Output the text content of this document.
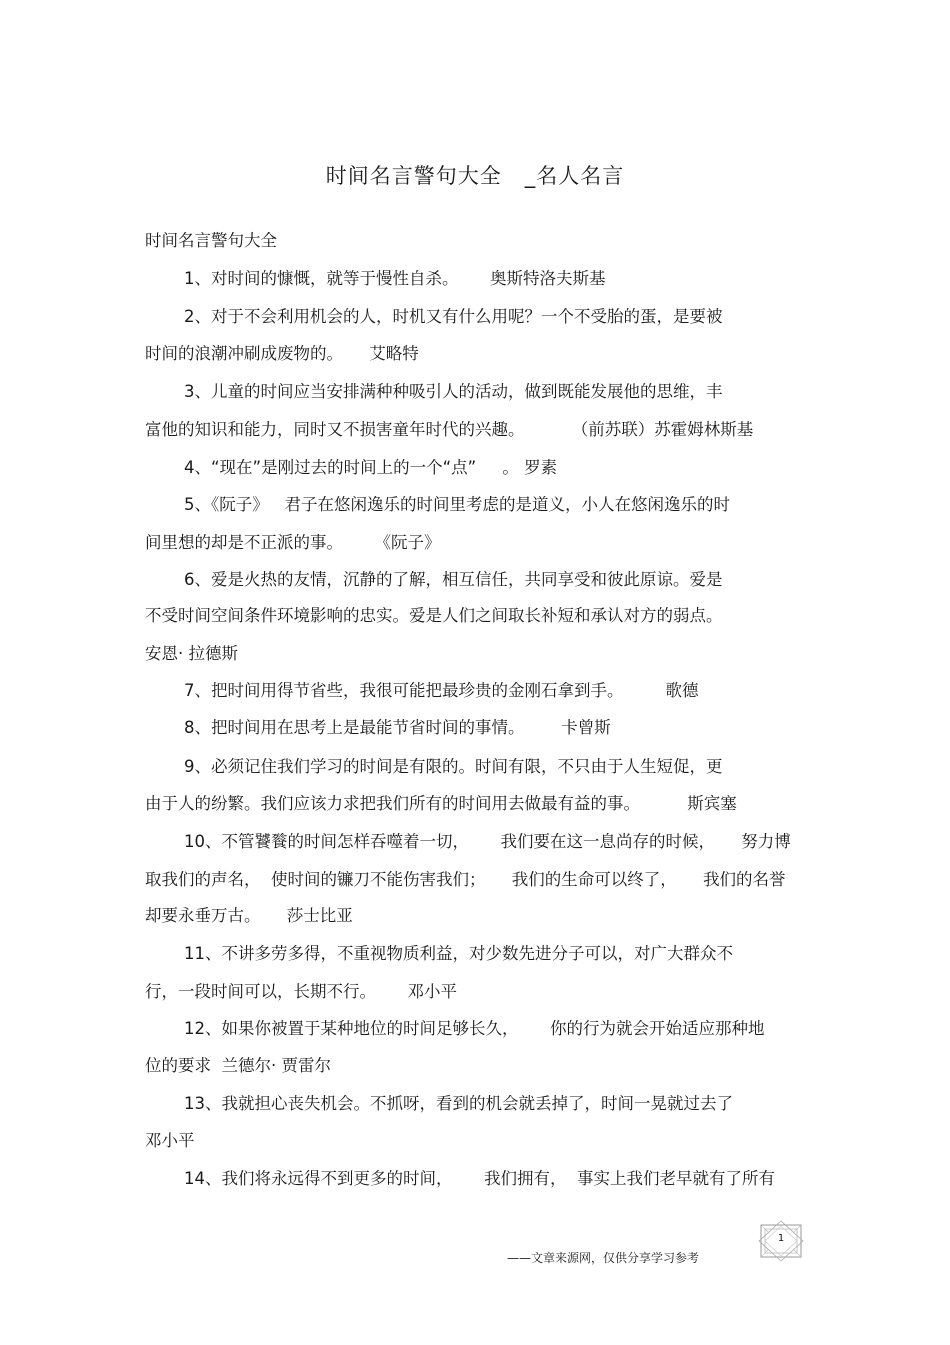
时间名言警句大全   _名人名言
时间名言警句大全
1、对时间的慷慨，就等于慢性自杀。      奥斯特洛夫斯基
2、对于不会利用机会的人，时机又有什么用呢？一个不受胎的蛋，是要被
时间的浪潮冲刷成废物的。     艾略特
3、儿童的时间应当安排满种种吸引人的活动，做到既能发展他的思维，丰
富他的知识和能力，同时又不损害童年时代的兴趣。         （前苏联）苏霍姆林斯基
4、“现在”是刚过去的时间上的一个“点”     。 罗素
5、《阮子》   君子在悠闲逸乐的时间里考虑的是道义，小人在悠闲逸乐的时
间里想的却是不正派的事。      《阮子》
6、爱是火热的友情，沉静的了解，相互信任，共同享受和彼此原谅。爱是
不受时间空间条件环境影响的忠实。爱是人们之间取长补短和承认对方的弱点。
安恩· 拉德斯
7、把时间用得节省些，我很可能把最珍贵的金刚石拿到手。        歌德
8、把时间用在思考上是最能节省时间的事情。       卡曾斯
9、必须记住我们学习的时间是有限的。时间有限，不只由于人生短促，更
由于人的纷繁。我们应该力求把我们所有的时间用去做最有益的事。         斯宾塞
10、不管饕餮的时间怎样吞噬着一切，      我们要在这一息尚存的时候，     努力博
取我们的声名，  使时间的镰刀不能伤害我们；     我们的生命可以终了，     我们的名誉
却要永垂万古。     莎士比亚
11、不讲多劳多得，不重视物质利益，对少数先进分子可以，对广大群众不
行，一段时间可以，长期不行。      邓小平
12、如果你被置于某种地位的时间足够长久，      你的行为就会开始适应那种地
位的要求  兰德尔· 贾雷尔
13、我就担心丧失机会。不抓呀，看到的机会就丢掉了，时间一晃就过去了
邓小平
14、我们将永远得不到更多的时间，      我们拥有，  事实上我们老早就有了所有
——文章来源网，仅供分享学习参考
1
